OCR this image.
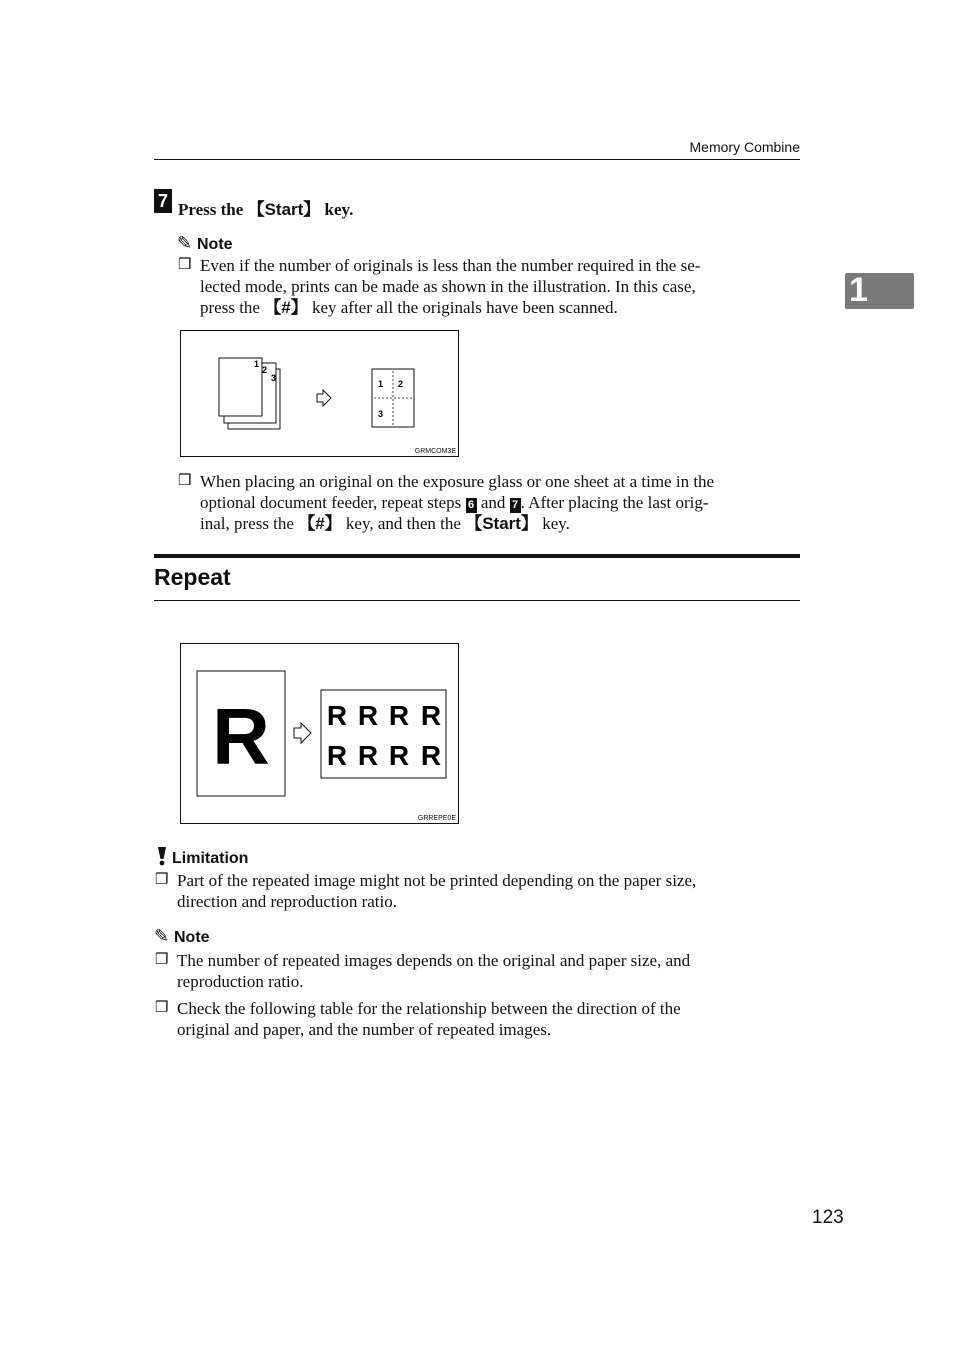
Memory Combine
1
7 Press the 【Start】 key.
✎ Note
❒ Even if the number of originals is less than the number required in the se-
lected mode, prints can be made as shown in the illustration. In this case,
press the 【#】 key after all the originals have been scanned.
1
2
3
1 2
3
GRMCOM3E
❒ When placing an original on the exposure glass or one sheet at a time in the
optional document feeder, repeat steps 6 and 7 . After placing the last orig-
inal, press the 【#】 key, and then the 【Start】 key.
Repeat
R R R R R
R R R R
GRREPE0E
Limitation
❒ Part of the repeated image might not be printed depending on the paper size,
direction and reproduction ratio.
✎ Note
❒ The number of repeated images depends on the original and paper size, and
reproduction ratio.
❒ Check the following table for the relationship between the direction of the
original and paper, and the number of repeated images.
123
